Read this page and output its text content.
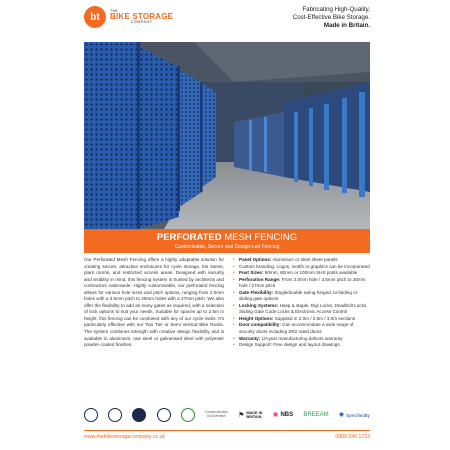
bt
THE
BIKE STORAGE
COMPANY
Fabricating High-Quality,
Cost-Effective Bike Storage.
Made in Britain.
PERFORATED MESH FENCING
Customisable, Secure and Design-Led Fencing
Our Perforated Mesh Fencing offers a highly adaptable solution for creating secure, attractive enclosures for cycle storage, bin stores, plant rooms, and restricted access areas. Designed with security and visibility in mind, this fencing system is trusted by architects and contractors nationwide. Highly customisable, our perforated fencing allows for various hole sizes and pitch options, ranging from 2.0mm holes with a 3.5mm pitch to 20mm holes with a 27mm pitch. We also offer the flexibility to add as many gates as required, with a selection of lock options to suit your needs. Suitable for spaces up to 2.5m in height, this fencing can be combined with any of our cycle racks. It's particularly effective with our Two Tier or Semi Vertical Bike Racks. The system combines strength with creative design flexibility and is available in aluminium, raw steel or galvanised steel with polyester powder-coated finishes.
• Panel Options: Aluminium or steel sheet panels
• Custom branding: Logos, motifs or graphics can be incorporated
• Post Sizes: 60mm, 80mm or 100mm SHS posts available
• Perforation Range: From 2.0mm hole / 3.5mm pitch to 20mm hole / 27mm pitch
• Gate Flexibility: Single/double swing-hinged, bi-folding or sliding gate options
• Locking Systems: Hasp & staple, Digi Locks, Deadbolt Locks, Sliding Gate Code Locks & Electronic Access Control
• Height Options: Supplied in 2.0m / 2.5m / 3.0m sections
• Door compatibility: Can accommodate a wide range of security doors including SR2 rated doors
• Warranty: 10-year manufacturing defects warranty
• Design Support: Free design and layout drawings
Constructionline
Gold Member ⚑ MADE IN
BRITAIN ✺ NBS BREEAM ◉ SpecifiedBy
www.thebikestoragecompany.co.uk	0800 246 1723
